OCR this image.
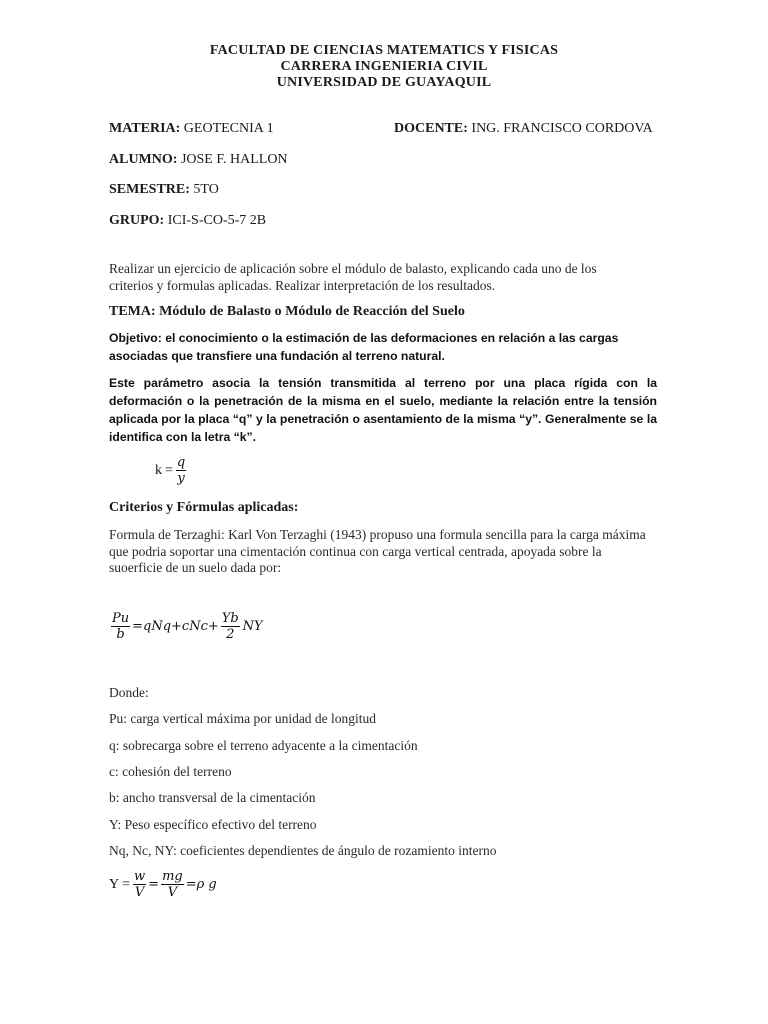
FACULTAD DE CIENCIAS MATEMATICS Y FISICAS
CARRERA INGENIERIA CIVIL
UNIVERSIDAD DE GUAYAQUIL
MATERIA: GEOTECNIA 1	DOCENTE: ING. FRANCISCO CORDOVA
ALUMNO: JOSE F. HALLON
SEMESTRE: 5TO
GRUPO: ICI-S-CO-5-7 2B
Realizar un ejercicio de aplicación sobre el módulo de balasto, explicando cada uno de los criterios y formulas aplicadas. Realizar interpretación de los resultados.
TEMA: Módulo de Balasto o Módulo de Reacción del Suelo
Objetivo: el conocimiento o la estimación de las deformaciones en relación a las cargas asociadas que transfiere una fundación al terreno natural.
Este parámetro asocia la tensión transmitida al terreno por una placa rígida con la deformación o la penetración de la misma en el suelo, mediante la relación entre la tensión aplicada por la placa “q” y la penetración o asentamiento de la misma “y”. Generalmente se la identifica con la letra “k”.
$k = \frac{q}{y}$
Criterios y Fórmulas aplicadas:
Formula de Terzaghi: Karl Von Terzaghi (1943) propuso una formula sencilla para la carga máxima que podria soportar una cimentación continua con carga vertical centrada, apoyada sobre la suoerficie de un suelo dada por:
$\frac{Pu}{b} =qNq+cNc+ \frac{Yb}{2}$ NY
Donde:
Pu: carga vertical máxima por unidad de longitud
q: sobrecarga sobre el terreno adyacente a la cimentación
c: cohesión del terreno
b: ancho transversal de la cimentación
Y: Peso específico efectivo del terreno
Nq, Nc, NY: coeficientes dependientes de ángulo de rozamiento interno
$Y = \frac{w}{V} = \frac{mg}{V} =\rho$ g
